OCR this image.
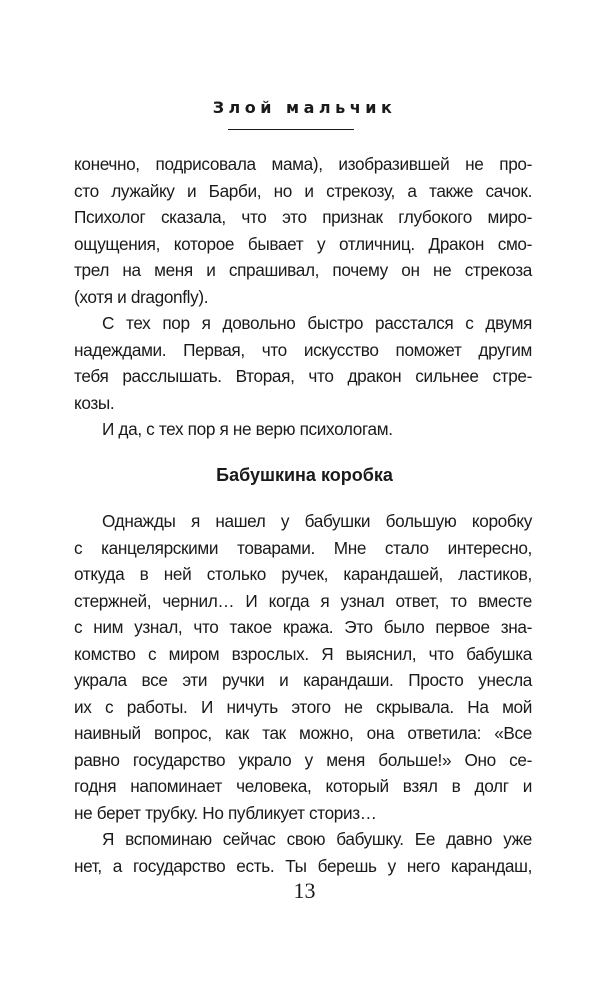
Злой мальчик

конечно, подрисовала мама), изобразившей не про-
сто лужайку и Барби, но и стрекозу, а также сачок.
Психолог сказала, что это признак глубокого миро-
ощущения, которое бывает у отличниц. Дракон смо-
трел на меня и спрашивал, почему он не стрекоза
(хотя и dragonfly).

С тех пор я довольно быстро расстался с двумя
надеждами. Первая, что искусство поможет другим
тебя расслышать. Вторая, что дракон сильнее стре-
козы.

И да, с тех пор я не верю психологам.

Бабушкина коробка

Однажды я нашел у бабушки большую коробку
с канцелярскими товарами. Мне стало интересно,
откуда в ней столько ручек, карандашей, ластиков,
стержней, чернил… И когда я узнал ответ, то вместе
с ним узнал, что такое кража. Это было первое зна-
комство с миром взрослых. Я выяснил, что бабушка
украла все эти ручки и карандаши. Просто унесла
их с работы. И ничуть этого не скрывала. На мой
наивный вопрос, как так можно, она ответила: «Все
равно государство украло у меня больше!» Оно се-
годня напоминает человека, который взял в долг и
не берет трубку. Но публикует сториз…

Я вспоминаю сейчас свою бабушку. Ее давно уже
нет, а государство есть. Ты берешь у него карандаш,

13
